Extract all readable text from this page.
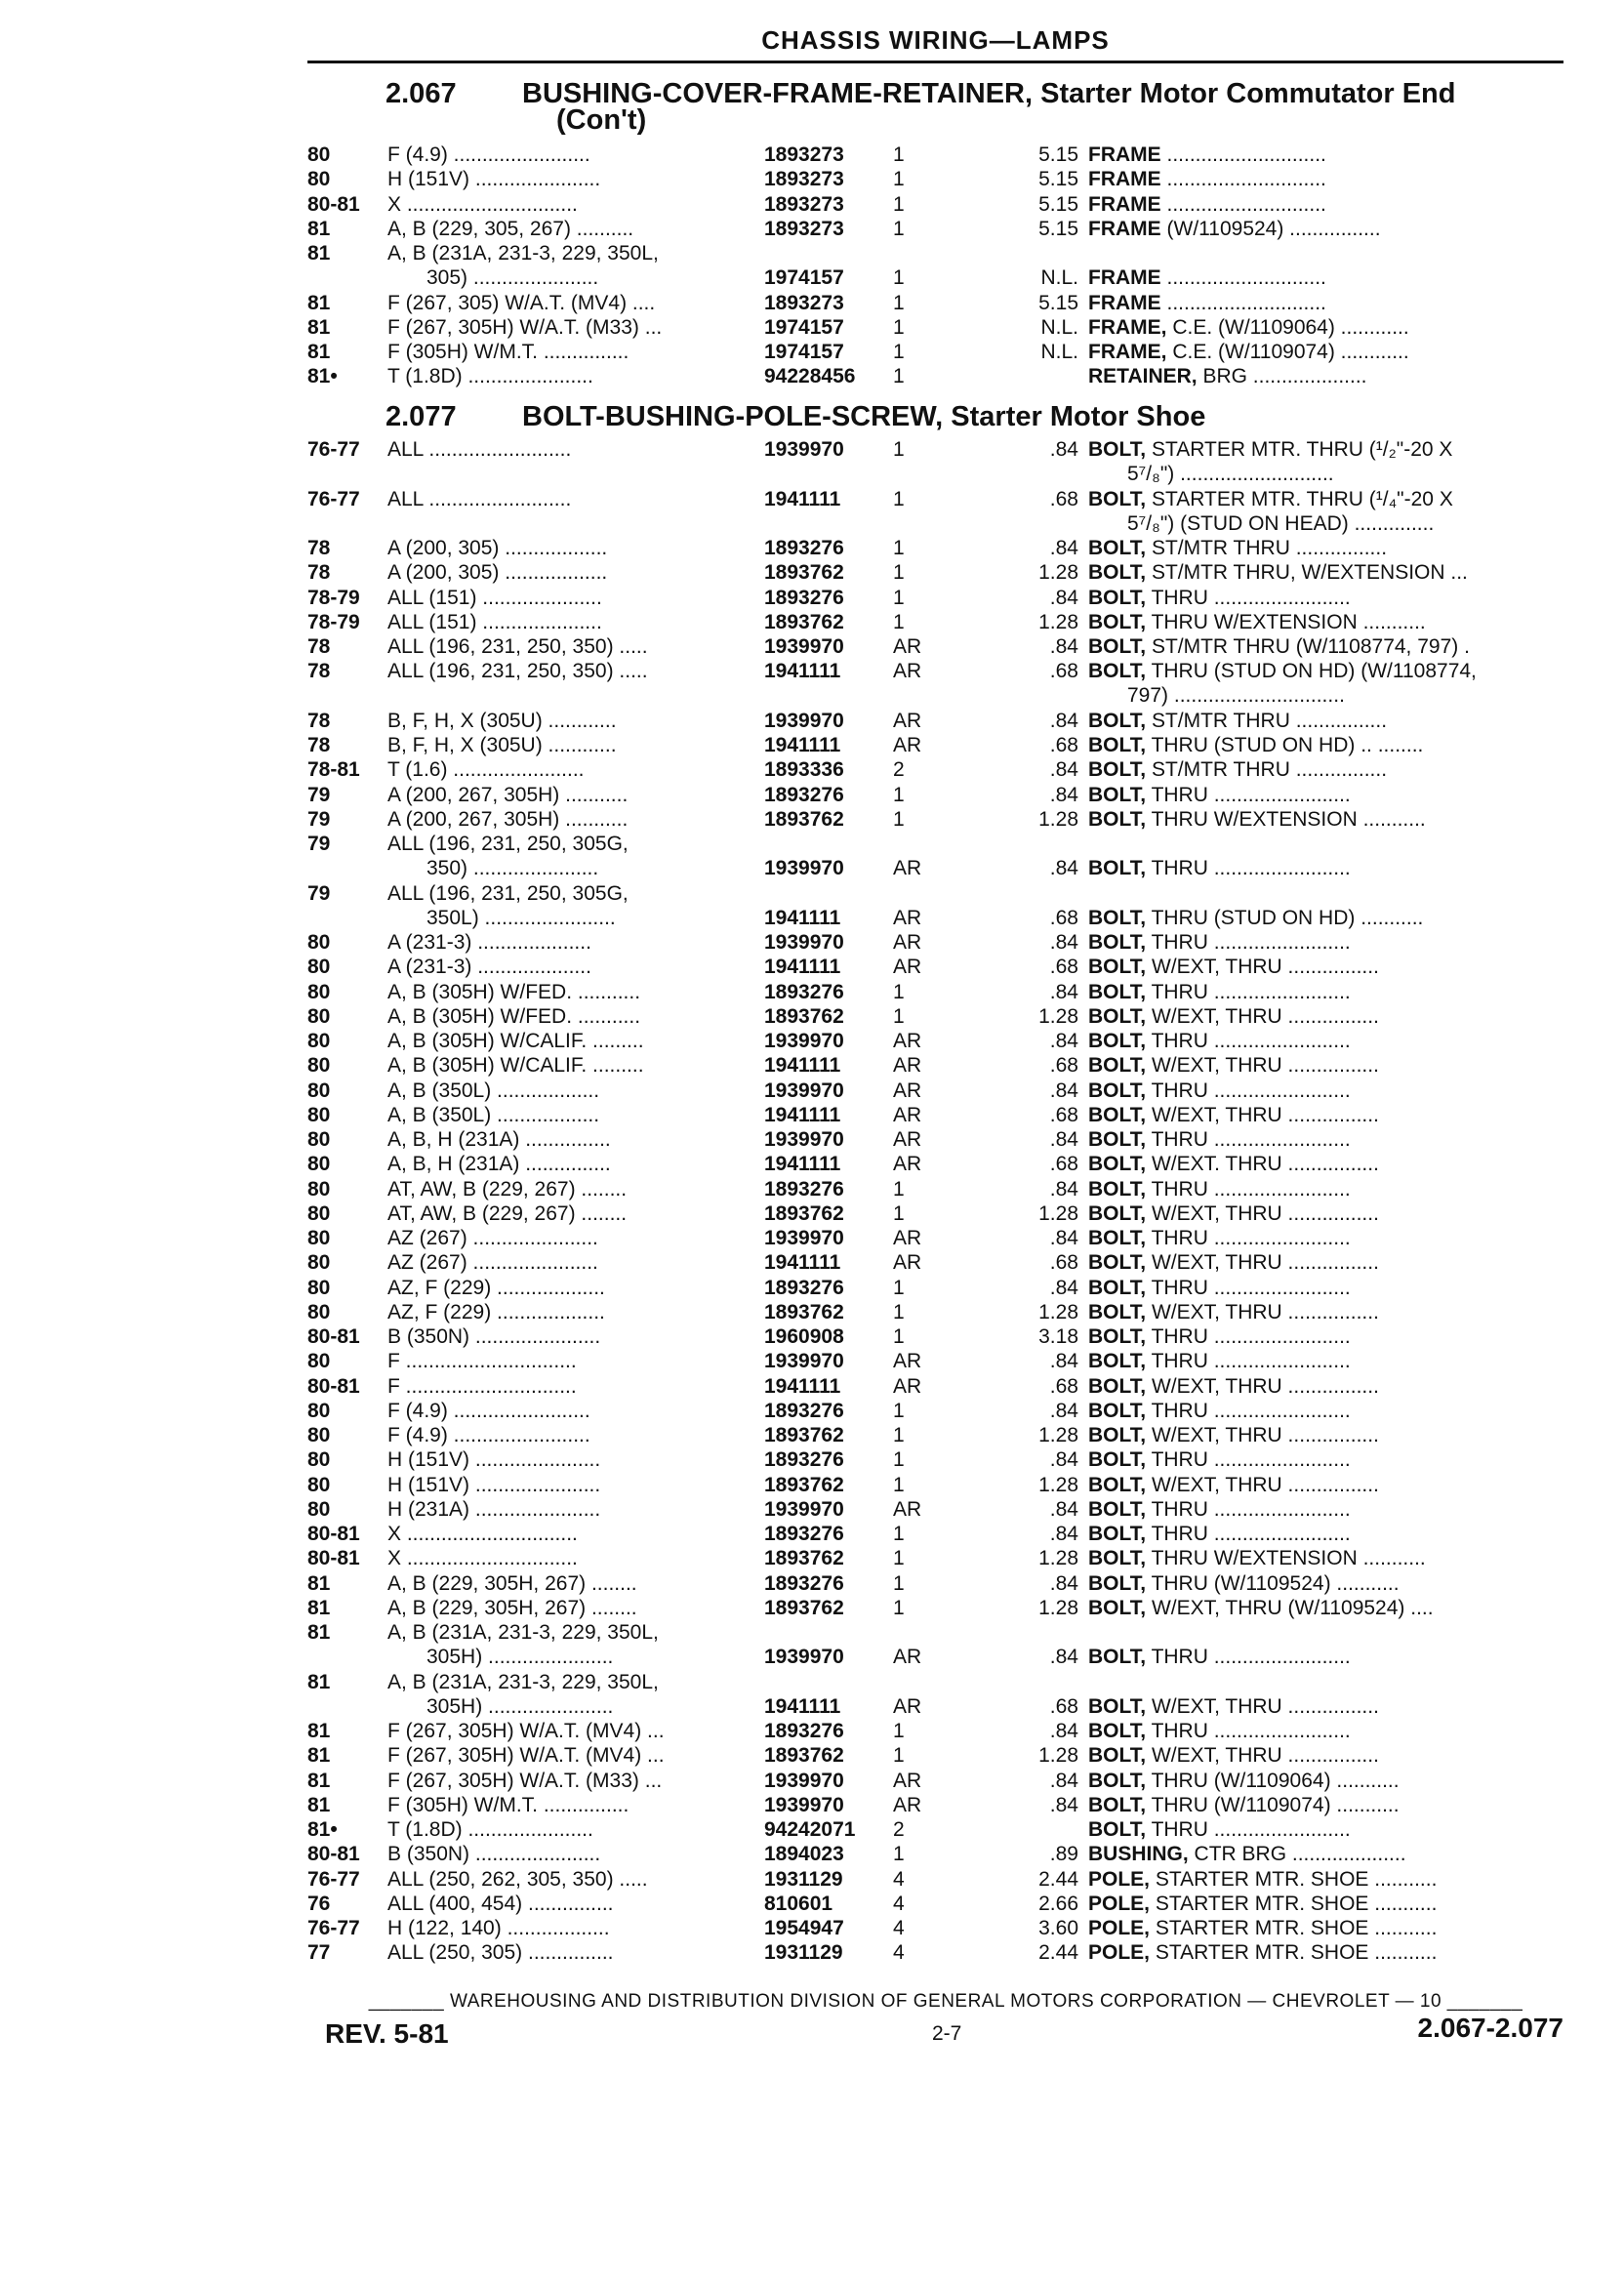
CHASSIS WIRING—LAMPS
2.067 BUSHING-COVER-FRAME-RETAINER, Starter Motor Commutator End
(Con't)
80	F (4.9) ........................	1893273 1	5.15 FRAME ............................
80	H (151V) ......................	1893273 1	5.15 FRAME ............................
80-81 X ..............................	1893273 1	5.15 FRAME ............................
81	A, B (229, 305, 267) ..........	1893273 1	5.15 FRAME (W/1109524) ................
81	A, B (231A, 231-3, 229, 350L,
305) ......................	1974157 1	N.L. FRAME ............................
81	F (267, 305) W/A.T. (MV4) ....	1893273 1	5.15 FRAME ............................
81	F (267, 305H) W/A.T. (M33) ...	1974157 1	N.L. FRAME, C.E. (W/1109064) ............
81	F (305H) W/M.T. ...............	1974157 1	N.L. FRAME, C.E. (W/1109074) ............
81• T (1.8D) ......................	94228456 1	RETAINER, BRG ....................
2.077 BOLT-BUSHING-POLE-SCREW, Starter Motor Shoe
76-77 ALL .........................	1939970 1	.84 BOLT, STARTER MTR. THRU (¹/₂"-20 X
5⁷/₈") ...........................
76-77 ALL .........................	1941111	1	.68 BOLT, STARTER MTR. THRU (¹/₄"-20 X
5⁷/₈") (STUD ON HEAD) ..............
78	A (200, 305) ..................	1893276 1	.84 BOLT, ST/MTR THRU ................
78	A (200, 305) ..................	1893762 1	1.28 BOLT, ST/MTR THRU, W/EXTENSION ...
78-79 ALL (151) .....................	1893276 1	.84 BOLT, THRU ........................
78-79 ALL (151) .....................	1893762 1	1.28 BOLT, THRU W/EXTENSION ...........
78	ALL (196, 231, 250, 350) .....	1939970 AR	.84 BOLT, ST/MTR THRU (W/1108774, 797) .
78	ALL (196, 231, 250, 350) .....	1941111	AR	.68 BOLT, THRU (STUD ON HD) (W/1108774,
797) ..............................
78	B, F, H, X (305U) ............	1939970 AR	.84 BOLT, ST/MTR THRU ................
78	B, F, H, X (305U) ............	1941111	AR	.68 BOLT, THRU (STUD ON HD) .. ........
78-81 T (1.6) .......................	1893336 2	.84 BOLT, ST/MTR THRU ................
79	A (200, 267, 305H) ...........	1893276 1	.84 BOLT, THRU ........................
79	A (200, 267, 305H) ...........	1893762 1	1.28 BOLT, THRU W/EXTENSION ...........
79	ALL (196, 231, 250, 305G,
350) ......................	1939970 AR	.84 BOLT, THRU ........................
79	ALL (196, 231, 250, 305G,
350L) .......................	1941111	AR	.68 BOLT, THRU (STUD ON HD) ...........
80	A (231-3) ....................	1939970 AR	.84 BOLT, THRU ........................
80	A (231-3) ....................	1941111	AR	.68 BOLT, W/EXT, THRU ................
80	A, B (305H) W/FED. ...........	1893276 1	.84 BOLT, THRU ........................
80	A, B (305H) W/FED. ...........	1893762 1	1.28 BOLT, W/EXT, THRU ................
80	A, B (305H) W/CALIF. .........	1939970 AR	.84 BOLT, THRU ........................
80	A, B (305H) W/CALIF. .........	1941111	AR	.68 BOLT, W/EXT, THRU ................
80	A, B (350L) ..................	1939970 AR	.84 BOLT, THRU ........................
80	A, B (350L) ..................	1941111	AR	.68 BOLT, W/EXT, THRU ................
80	A, B, H (231A) ...............	1939970 AR	.84 BOLT, THRU ........................
80	A, B, H (231A) ...............	1941111	AR	.68 BOLT, W/EXT. THRU ................
80	AT, AW, B (229, 267) ........	1893276 1	.84 BOLT, THRU ........................
80	AT, AW, B (229, 267) ........	1893762 1	1.28 BOLT, W/EXT, THRU ................
80	AZ (267) ......................	1939970 AR	.84 BOLT, THRU ........................
80	AZ (267) ......................	1941111	AR	.68 BOLT, W/EXT, THRU ................
80	AZ, F (229) ...................	1893276 1	.84 BOLT, THRU ........................
80	AZ, F (229) ...................	1893762 1	1.28 BOLT, W/EXT, THRU ................
80-81 B (350N) ......................	1960908 1	3.18 BOLT, THRU ........................
80	F ..............................	1939970 AR	.84 BOLT, THRU ........................
80-81 F ..............................	1941111	AR	.68 BOLT, W/EXT, THRU ................
80	F (4.9) ........................	1893276 1	.84 BOLT, THRU ........................
80	F (4.9) ........................	1893762 1	1.28 BOLT, W/EXT, THRU ................
80	H (151V) ......................	1893276 1	.84 BOLT, THRU ........................
80	H (151V) ......................	1893762 1	1.28 BOLT, W/EXT, THRU ................
80	H (231A) ......................	1939970 AR	.84 BOLT, THRU ........................
80-81 X ..............................	1893276 1	.84 BOLT, THRU ........................
80-81 X ..............................	1893762 1	1.28 BOLT, THRU W/EXTENSION ...........
81	A, B (229, 305H, 267) ........	1893276 1	.84 BOLT, THRU (W/1109524) ...........
81	A, B (229, 305H, 267) ........	1893762 1	1.28 BOLT, W/EXT, THRU (W/1109524) ....
81	A, B (231A, 231-3, 229, 350L,
305H) ......................	1939970 AR	.84 BOLT, THRU ........................
81	A, B (231A, 231-3, 229, 350L,
305H) ......................	1941111	AR	.68 BOLT, W/EXT, THRU ................
81	F (267, 305H) W/A.T. (MV4) ...	1893276 1	.84 BOLT, THRU ........................
81	F (267, 305H) W/A.T. (MV4) ...	1893762 1	1.28 BOLT, W/EXT, THRU ................
81	F (267, 305H) W/A.T. (M33) ...	1939970 AR	.84 BOLT, THRU (W/1109064) ...........
81	F (305H) W/M.T. ...............	1939970 AR	.84 BOLT, THRU (W/1109074) ...........
81• T (1.8D) ......................	94242071 2	BOLT, THRU ........................
80-81 B (350N) ......................	1894023 1	.89 BUSHING, CTR BRG ....................
76-77 ALL (250, 262, 305, 350) .....	1931129 4	2.44 POLE, STARTER MTR. SHOE ...........
76	ALL (400, 454) ...............	810601	4	2.66 POLE, STARTER MTR. SHOE ...........
76-77 H (122, 140) ..................	1954947 4	3.60 POLE, STARTER MTR. SHOE ...........
77	ALL (250, 305) ...............	1931129 4	2.44 POLE, STARTER MTR. SHOE ...........
_______ WAREHOUSING AND DISTRIBUTION DIVISION OF GENERAL MOTORS CORPORATION — CHEVROLET — 10 _______
REV. 5-81	2-7	2.067-2.077
